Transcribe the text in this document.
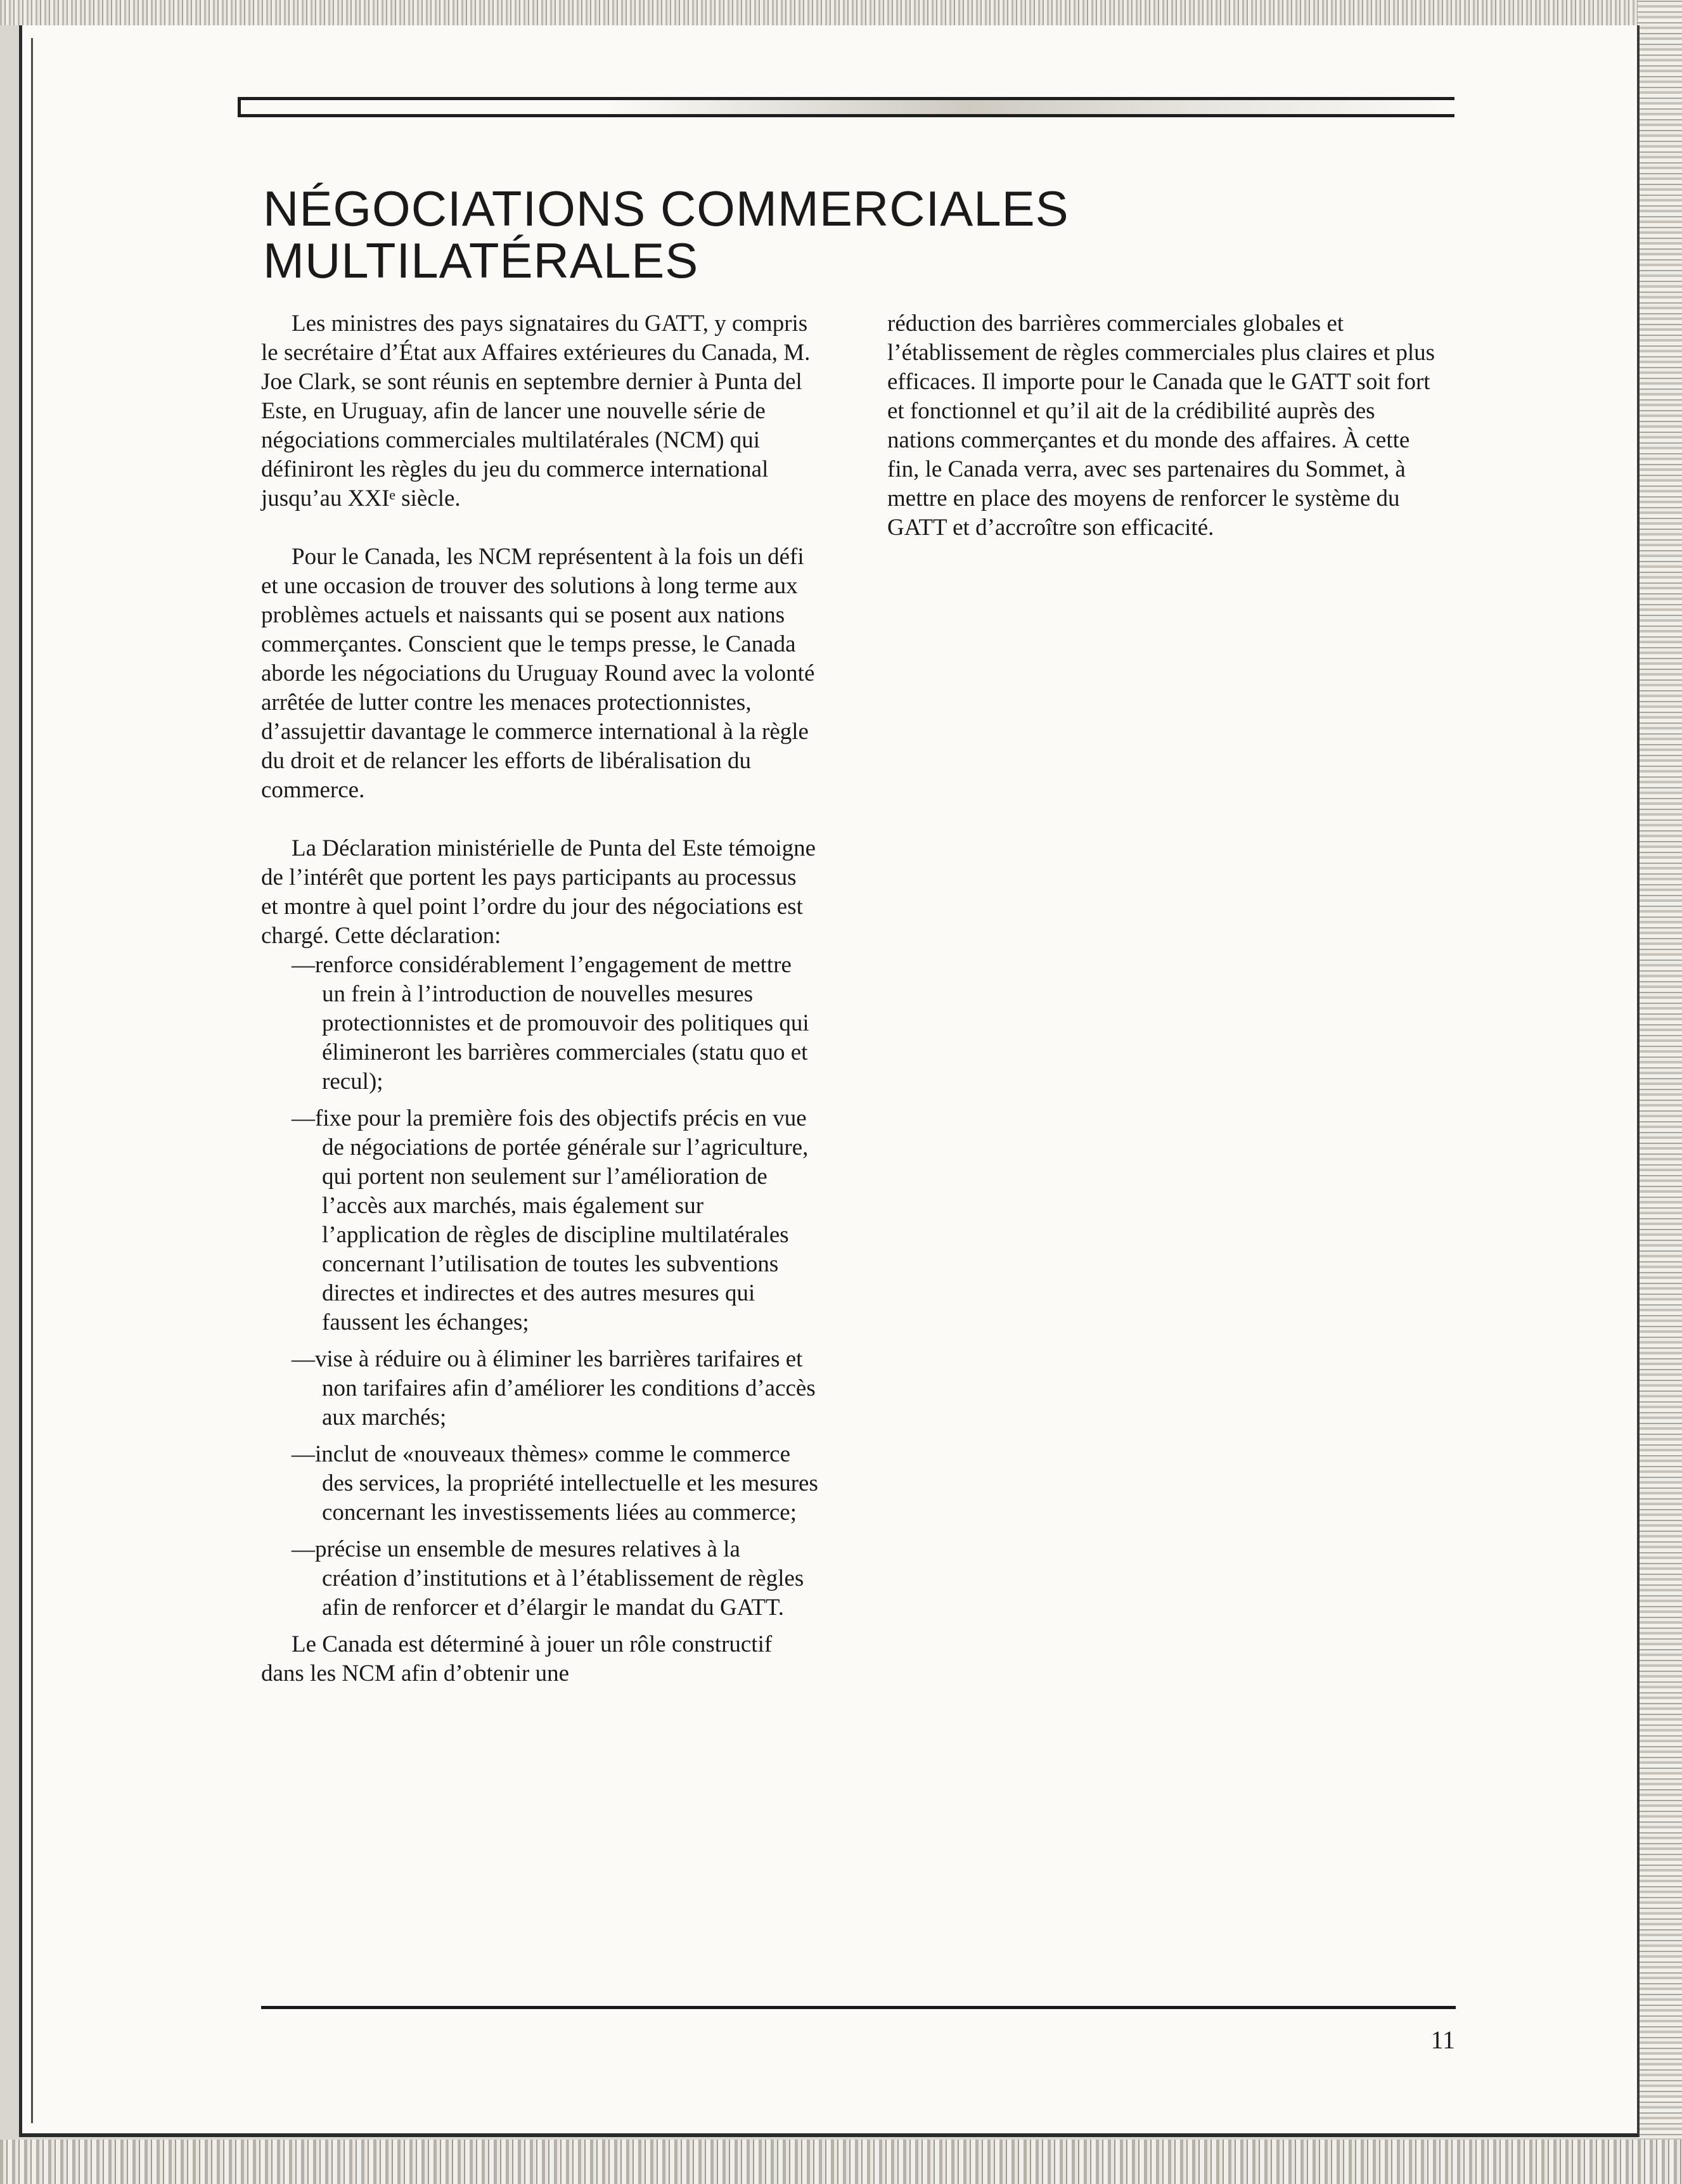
NÉGOCIATIONS COMMERCIALES
MULTILATÉRALES

Les ministres des pays signataires du GATT, y compris le secrétaire d’État aux Affaires extérieures du Canada, M. Joe Clark, se sont réunis en septembre dernier à Punta del Este, en Uruguay, afin de lancer une nouvelle série de négociations commerciales multilatérales (NCM) qui définiront les règles du jeu du commerce international jusqu’au XXIᵉ siècle.

Pour le Canada, les NCM représentent à la fois un défi et une occasion de trouver des solutions à long terme aux problèmes actuels et naissants qui se posent aux nations commerçantes. Conscient que le temps presse, le Canada aborde les négociations du Uruguay Round avec la volonté arrêtée de lutter contre les menaces protectionnistes, d’assujettir davantage le commerce international à la règle du droit et de relancer les efforts de libéralisation du commerce.

La Déclaration ministérielle de Punta del Este témoigne de l’intérêt que portent les pays participants au processus et montre à quel point l’ordre du jour des négociations est chargé. Cette déclaration:

—renforce considérablement l’engagement de mettre un frein à l’introduction de nouvelles mesures protectionnistes et de promouvoir des politiques qui élimineront les barrières commerciales (statu quo et recul);

—fixe pour la première fois des objectifs précis en vue de négociations de portée générale sur l’agriculture, qui portent non seulement sur l’amélioration de l’accès aux marchés, mais également sur l’application de règles de discipline multilatérales concernant l’utilisation de toutes les subventions directes et indirectes et des autres mesures qui faussent les échanges;

—vise à réduire ou à éliminer les barrières tarifaires et non tarifaires afin d’améliorer les conditions d’accès aux marchés;

—inclut de «nouveaux thèmes» comme le commerce des services, la propriété intellectuelle et les mesures concernant les investissements liées au commerce;

—précise un ensemble de mesures relatives à la création d’institutions et à l’établissement de règles afin de renforcer et d’élargir le mandat du GATT.

Le Canada est déterminé à jouer un rôle constructif dans les NCM afin d’obtenir une

réduction des barrières commerciales globales et l’établissement de règles commerciales plus claires et plus efficaces. Il importe pour le Canada que le GATT soit fort et fonctionnel et qu’il ait de la crédibilité auprès des nations commerçantes et du monde des affaires. À cette fin, le Canada verra, avec ses partenaires du Sommet, à mettre en place des moyens de renforcer le système du GATT et d’accroître son efficacité.

11
